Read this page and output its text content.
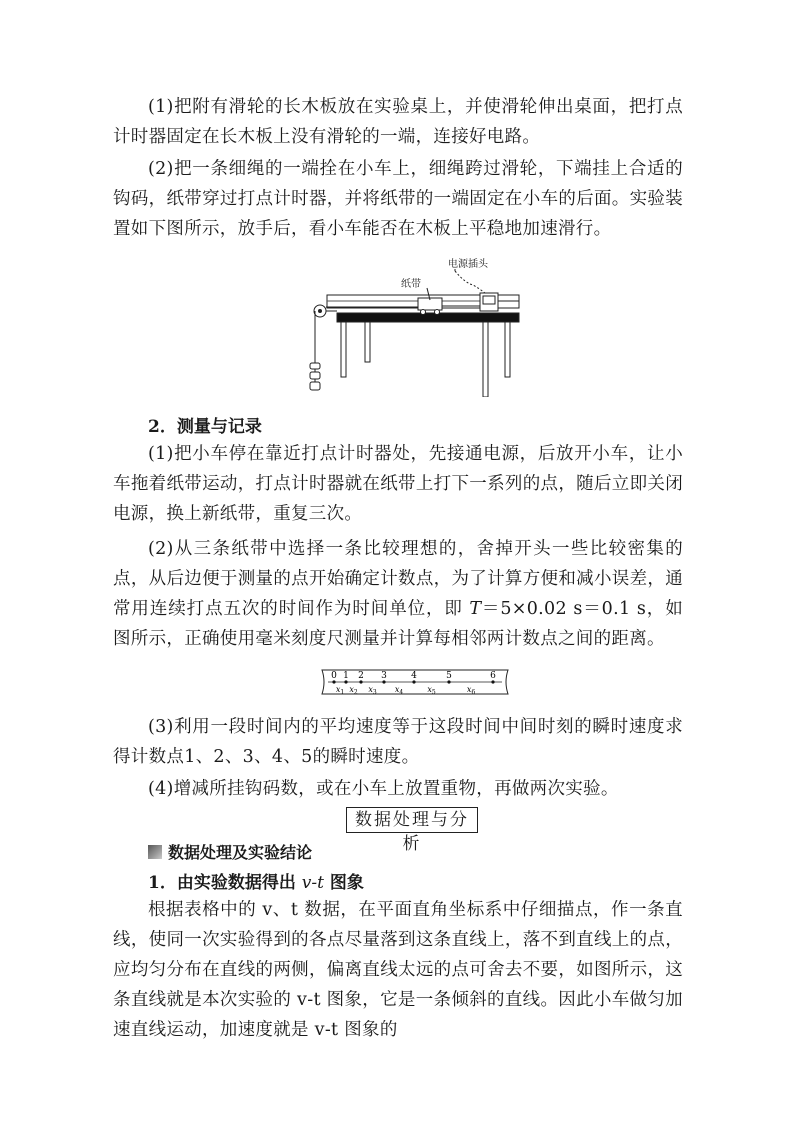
(1)把附有滑轮的长木板放在实验桌上，并使滑轮伸出桌面，把打点计时器固定在长木板上没有滑轮的一端，连接好电路。
(2)把一条细绳的一端拴在小车上，细绳跨过滑轮，下端挂上合适的钩码，纸带穿过打点计时器，并将纸带的一端固定在小车的后面。实验装置如下图所示，放手后，看小车能否在木板上平稳地加速滑行。
纸带
电源插头
2．测量与记录
(1)把小车停在靠近打点计时器处，先接通电源，后放开小车，让小车拖着纸带运动，打点计时器就在纸带上打下一系列的点，随后立即关闭电源，换上新纸带，重复三次。
(2)从三条纸带中选择一条比较理想的，舍掉开头一些比较密集的点，从后边便于测量的点开始确定计数点，为了计算方便和减小误差，通常用连续打点五次的时间作为时间单位，即 T＝5×0.02 s＝0.1 s，如图所示，正确使用毫米刻度尺测量并计算每相邻两计数点之间的距离。
0 1 2 3	4	5	6
$x_1$ $x_2$ $x_3$ $x_4$	$x_5$	$x_6$
(3)利用一段时间内的平均速度等于这段时间中间时刻的瞬时速度求得计数点1、2、3、4、5的瞬时速度。
(4)增减所挂钩码数，或在小车上放置重物，再做两次实验。
数据处理与分析
数据处理及实验结论
1．由实验数据得出 v-t 图象
根据表格中的 v、t 数据，在平面直角坐标系中仔细描点，作一条直线，使同一次实验得到的各点尽量落到这条直线上，落不到直线上的点，应均匀分布在直线的两侧，偏离直线太远的点可舍去不要，如图所示，这条直线就是本次实验的 v-t 图象，它是一条倾斜的直线。因此小车做匀加速直线运动，加速度就是 v-t 图象的
